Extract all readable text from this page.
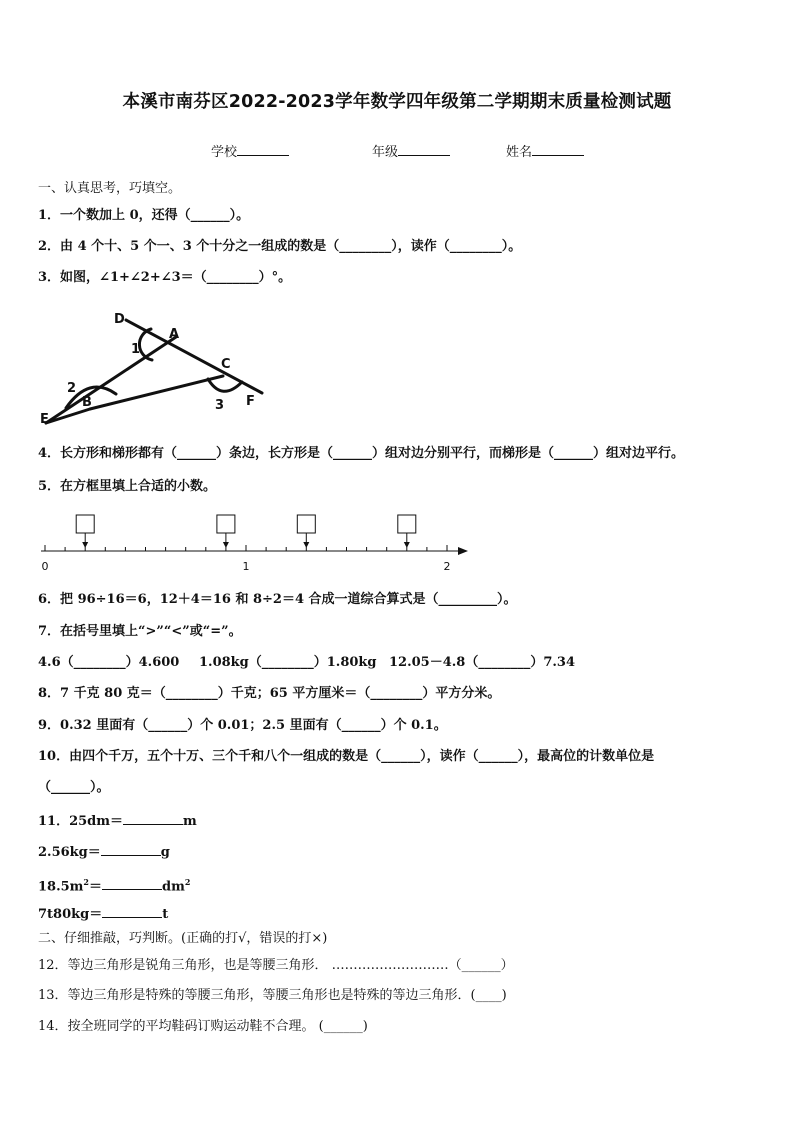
本溪市南芬区2022-2023学年数学四年级第二学期期末质量检测试题
学校	年级	姓名
一、认真思考，巧填空。
1．一个数加上 0，还得（______）。
2．由 4 个十、5 个一、3 个十分之一组成的数是（________），读作（________）。
3．如图，∠1+∠2+∠3＝（________）°。
D
A
C
E
B	F
1
2
3
4．长方形和梯形都有（______）条边，长方形是（______）组对边分别平行，而梯形是（______）组对边平行。
5．在方框里填上合适的小数。
0	1	2
6．把 96÷16＝6，12＋4＝16 和 8÷2＝4 合成一道综合算式是（_________）。
7．在括号里填上“>”“<”或“=”。
4.6（________）4.600 1.08kg（________）1.80kg 12.05－4.8（________）7.34
8．7 千克 80 克＝（________）千克；65 平方厘米＝（________）平方分米。
9．0.32 里面有（______）个 0.01；2.5 里面有（______）个 0.1。
10．由四个千万，五个十万、三个千和八个一组成的数是（______），读作（______），最高位的计数单位是
（______）。
11．25dm＝	m
2.56kg＝	g
$18.5m^2=$	$dm^2$
7t80kg＝	t
二、仔细推敲，巧判断。(正确的打√，错误的打×)
12．等边三角形是锐角三角形，也是等腰三角形． ………………………（______）
13．等边三角形是特殊的等腰三角形，等腰三角形也是特殊的等边三角形．(____)
14．按全班同学的平均鞋码订购运动鞋不合理。 (______)
